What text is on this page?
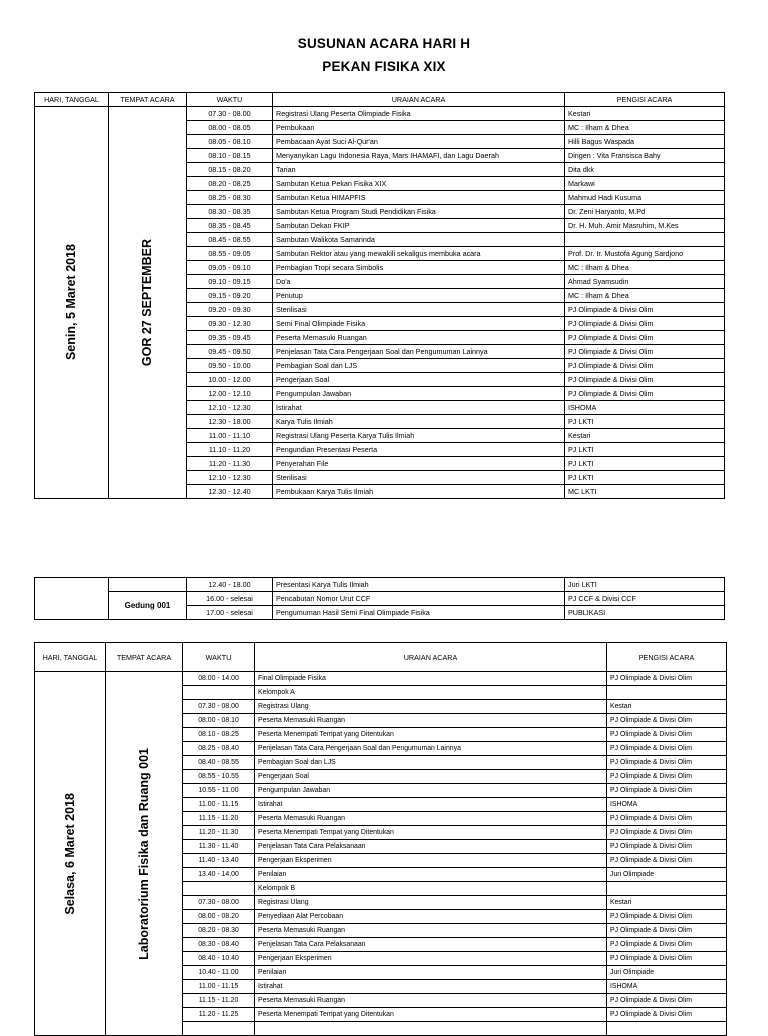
SUSUNAN ACARA HARI H
PEKAN FISIKA XIX
HARI, TANGGAL	TEMPAT ACARA	WAKTU	URAIAN ACARA	PENGISI ACARA

Senin, 5 Maret 2018	GOR 27 SEPTEMBER	07.30 - 08.00	Registrasi Ulang Peserta Olimpiade Fisika	Kestari
		08.00 - 08.05	Pembukaan	MC : Ilham & Dhea
		08.05 - 08.10	Pembacaan Ayat Suci Al-Qur'an	Hilli Bagus Waspada
		08.10 - 08.15	Menyanyikan Lagu Indonesia Raya, Mars IHAMAFI, dan Lagu Daerah	Dirigen : Vita Fransisca Bahy
		08.15 - 08.20	Tarian	Dita dkk
		08.20 - 08.25	Sambutan Ketua Pekan Fisika XIX	Markawi
		08.25 - 08.30	Sambutan Ketua HIMAPFIS	Mahmud Hadi Kusuma
		08.30 - 08.35	Sambutan Ketua Program Studi Pendidikan Fisika	Dr. Zeni Haryanto, M.Pd
		08.35 - 08.45	Sambutan Dekan FKIP	Dr. H. Muh. Amir Masruhim, M.Kes
		08.45 - 08.55	Sambutan Walikota Samarinda	
		08.55 - 09.05	Sambutan Rektor atau yang mewakili sekaligus membuka acara	Prof. Dr. Ir. Mustofa Agung Sardjono
		09.05 - 09.10	Pembagian Tropi secara Simbolis	MC : Ilham & Dhea
		09.10 - 09.15	Do'a	Ahmad Syamsudin
		09.15 - 09.20	Penutup	MC : Ilham & Dhea
		09.20 - 09.30	Sterilisasi	PJ Olimpiade & Divisi Olim
		09.30 - 12.30	Semi Final Olimpiade Fisika	PJ Olimpiade & Divisi Olim
		09.35 - 09.45	Peserta Memasuki Ruangan	PJ Olimpiade & Divisi Olim
		09.45 - 09.50	Penjelasan Tata Cara Pengerjaan Soal dan Pengumuman Lainnya	PJ Olimpiade & Divisi Olim
		09.50 - 10.00	Pembagian Soal dan LJS	PJ Olimpiade & Divisi Olim
		10.00 - 12.00	Pengerjaan Soal	PJ Olimpiade & Divisi Olim
		12.00 - 12.10	Pengumpulan Jawaban	PJ Olimpiade & Divisi Olim
		12.10 - 12.30	Istirahat	ISHOMA
		12.30 - 18.00	Karya Tulis Ilmiah	PJ LKTI
		11.00 - 11.10	Registrasi Ulang Peserta Karya Tulis Ilmiah	Kestari
		11.10 - 11.20	Pengundian Presentasi Peserta	PJ LKTI
		11.20 - 11.30	Penyerahan File	PJ LKTI
		12.10 - 12.30	Sterilisasi	PJ LKTI
		12.30 - 12.40	Pembukaan Karya Tulis Ilmiah	MC LKTI
		12.40 - 18.00	Presentasi Karya Tulis Ilmiah	Juri LKTI
	Gedung 001	16.00 - selesai	Pencabutan Nomor Urut CCF	PJ CCF & Divisi CCF
		17.00 - selesai	Pengumuman Hasil Semi Final Olimpiade Fisika	PUBLIKASI
HARI, TANGGAL	TEMPAT ACARA	WAKTU	URAIAN ACARA	PENGISI ACARA

Selasa, 6 Maret 2018	Laboratorium Fisika dan Ruang 001	08.00 - 14.00	Final Olimpiade Fisika	PJ Olimpiade & Divisi Olim
			Kelompok A	
		07.30 - 08.00	Registrasi Ulang	Kestari
		08.00 - 08.10	Peserta Memasuki Ruangan	PJ Olimpiade & Divisi Olim
		08.10 - 08.25	Peserta Menempati Tempat yang Ditentukan	PJ Olimpiade & Divisi Olim
		08.25 - 08.40	Penjelasan Tata Cara Pengerjaan Soal dan Pengumuman Lainnya	PJ Olimpiade & Divisi Olim
		08.40 - 08.55	Pembagian Soal dan LJS	PJ Olimpiade & Divisi Olim
		08.55 - 10.55	Pengerjaan Soal	PJ Olimpiade & Divisi Olim
		10.55 - 11.00	Pengumpulan Jawaban	PJ Olimpiade & Divisi Olim
		11.00 - 11.15	Istirahat	ISHOMA
		11.15 - 11.20	Peserta Memasuki Ruangan	PJ Olimpiade & Divisi Olim
		11.20 - 11.30	Peserta Menempati Tempat yang Ditentukan	PJ Olimpiade & Divisi Olim
		11.30 - 11.40	Penjelasan Tata Cara Pelaksanaan	PJ Olimpiade & Divisi Olim
		11.40 - 13.40	Pengerjaan Eksperimen	PJ Olimpiade & Divisi Olim
		13.40 - 14.00	Penilaian	Juri Olimpiade
			Kelompok B	
		07.30 - 08.00	Registrasi Ulang	Kestari
		08.00 - 08.20	Penyediaan Alat Percobaan	PJ Olimpiade & Divisi Olim
		08.20 - 08.30	Peserta Memasuki Ruangan	PJ Olimpiade & Divisi Olim
		08.30 - 08.40	Penjelasan Tata Cara Pelaksanaan	PJ Olimpiade & Divisi Olim
		08.40 - 10.40	Pengerjaan Eksperimen	PJ Olimpiade & Divisi Olim
		10.40 - 11.00	Penilaian	Juri Olimpiade
		11.00 - 11.15	Istirahat	ISHOMA
		11.15 - 11.20	Peserta Memasuki Ruangan	PJ Olimpiade & Divisi Olim
		11.20 - 11.25	Peserta Menempati Tempat yang Ditentukan	PJ Olimpiade & Divisi Olim
